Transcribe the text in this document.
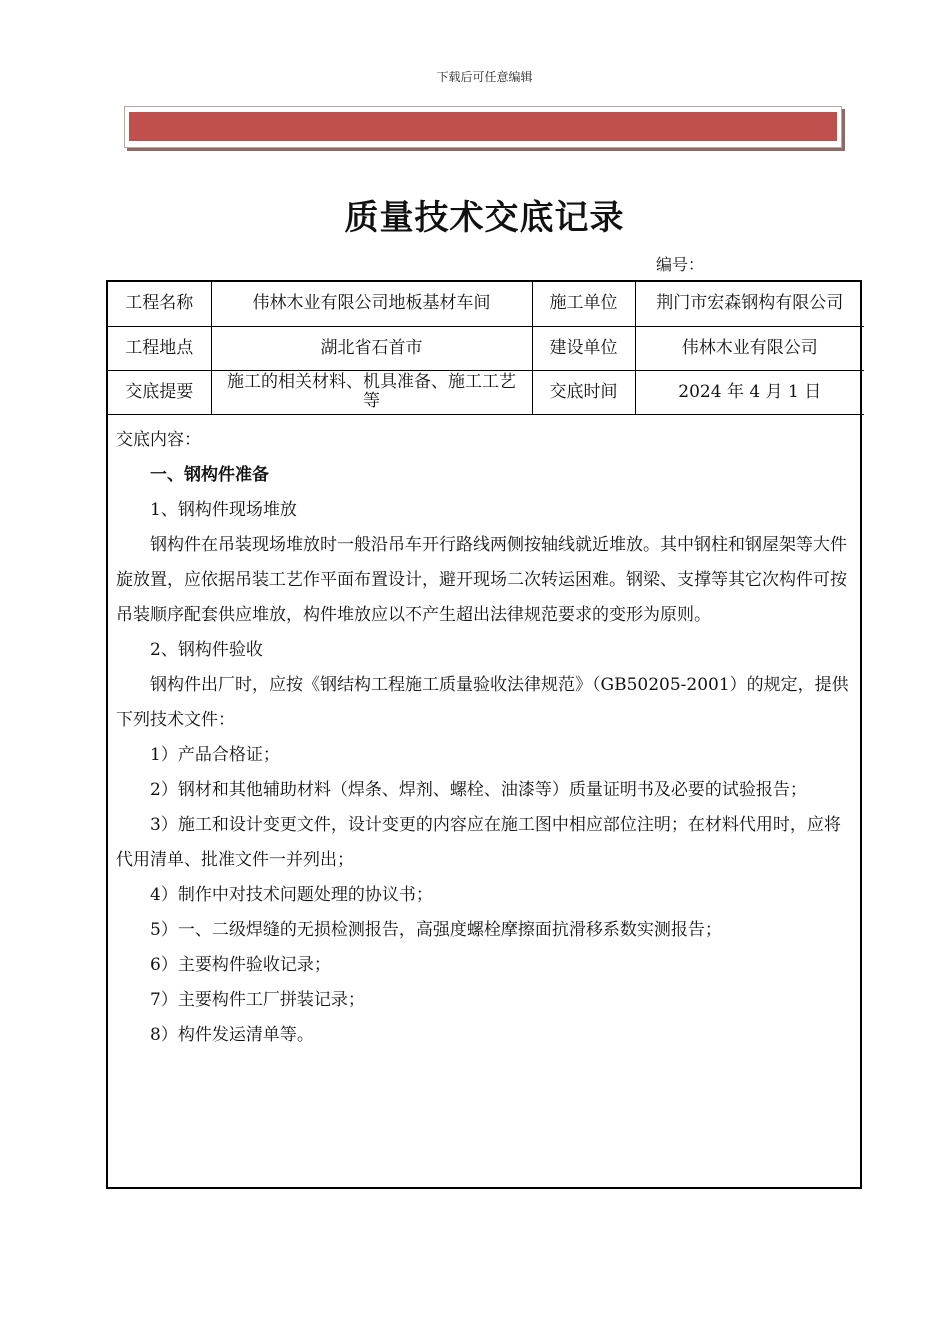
下载后可任意编辑
质量技术交底记录
编号：
工程名称	伟林木业有限公司地板基材车间	施工单位	荆门市宏森钢构有限公司
工程地点	湖北省石首市	建设单位	伟林木业有限公司
交底提要	施工的相关材料、机具准备、施工工艺等	交底时间	2024 年 4 月 1 日

交底内容：

一、钢构件准备

1、钢构件现场堆放

钢构件在吊装现场堆放时一般沿吊车开行路线两侧按轴线就近堆放。其中钢柱和钢屋架等大件旋放置，应依据吊装工艺作平面布置设计，避开现场二次转运困难。钢梁、支撑等其它次构件可按吊装顺序配套供应堆放，构件堆放应以不产生超出法律规范要求的变形为原则。

2、钢构件验收

钢构件出厂时，应按《钢结构工程施工质量验收法律规范》（GB50205-2001）的规定，提供下列技术文件：

1）产品合格证；

2）钢材和其他辅助材料（焊条、焊剂、螺栓、油漆等）质量证明书及必要的试验报告；

3）施工和设计变更文件，设计变更的内容应在施工图中相应部位注明；在材料代用时，应将代用清单、批准文件一并列出；

4）制作中对技术问题处理的协议书；

5）一、二级焊缝的无损检测报告，高强度螺栓摩擦面抗滑移系数实测报告；

6）主要构件验收记录；

7）主要构件工厂拼装记录；

8）构件发运清单等。
